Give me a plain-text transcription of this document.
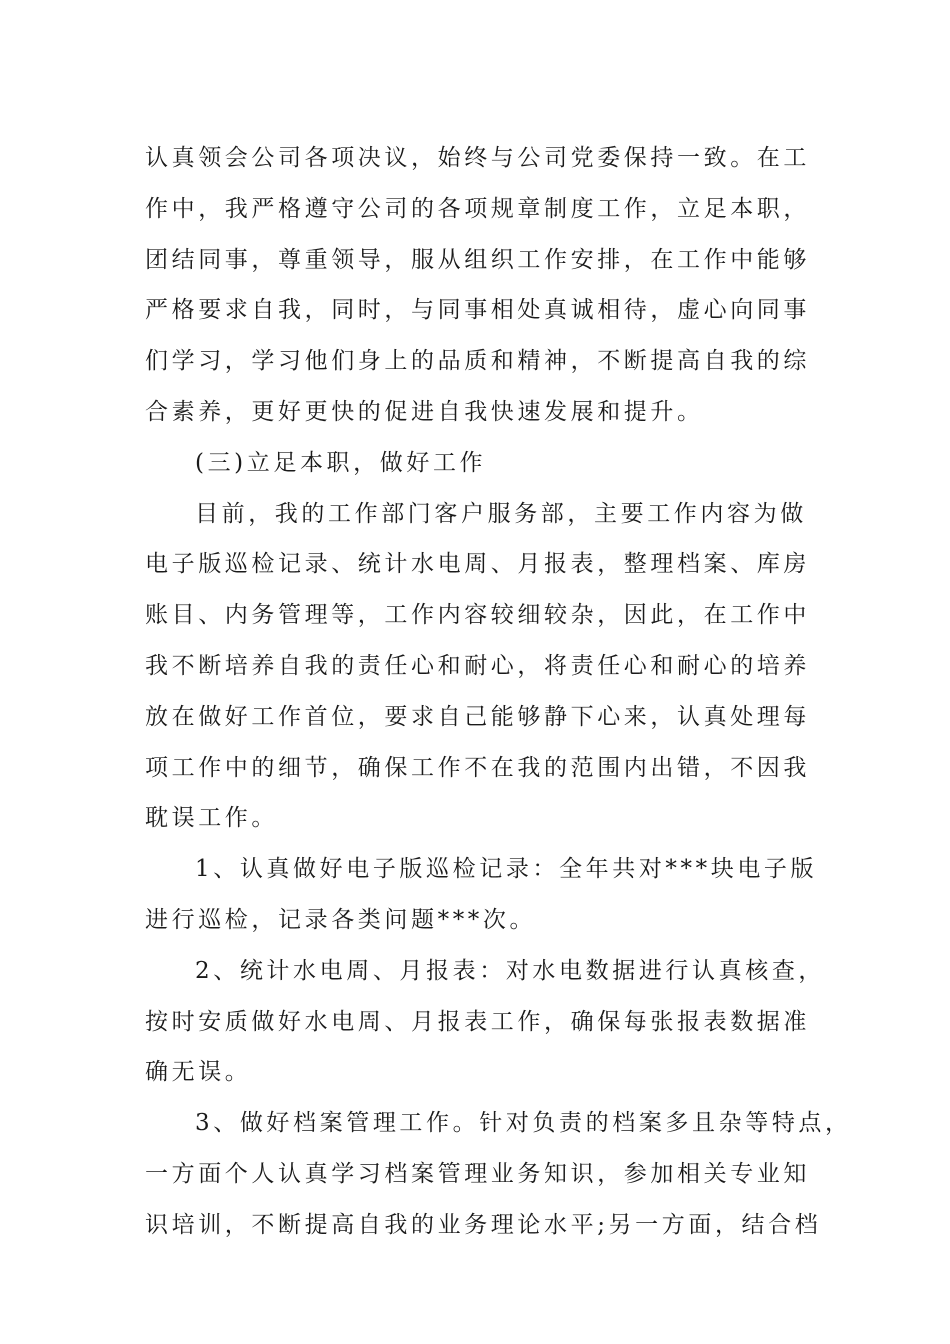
认真领会公司各项决议，始终与公司党委保持一致。在工
作中，我严格遵守公司的各项规章制度工作，立足本职，
团结同事，尊重领导，服从组织工作安排，在工作中能够
严格要求自我，同时，与同事相处真诚相待，虚心向同事
们学习，学习他们身上的品质和精神，不断提高自我的综
合素养，更好更快的促进自我快速发展和提升。
(三)立足本职，做好工作
目前，我的工作部门客户服务部，主要工作内容为做
电子版巡检记录、统计水电周、月报表，整理档案、库房
账目、内务管理等，工作内容较细较杂，因此，在工作中
我不断培养自我的责任心和耐心，将责任心和耐心的培养
放在做好工作首位，要求自己能够静下心来，认真处理每
项工作中的细节，确保工作不在我的范围内出错，不因我
耽误工作。
1、认真做好电子版巡检记录：全年共对***块电子版
进行巡检，记录各类问题***次。
2、统计水电周、月报表：对水电数据进行认真核查，
按时安质做好水电周、月报表工作，确保每张报表数据准
确无误。
3、做好档案管理工作。针对负责的档案多且杂等特点，
一方面个人认真学习档案管理业务知识，参加相关专业知
识培训，不断提高自我的业务理论水平;另一方面，结合档
